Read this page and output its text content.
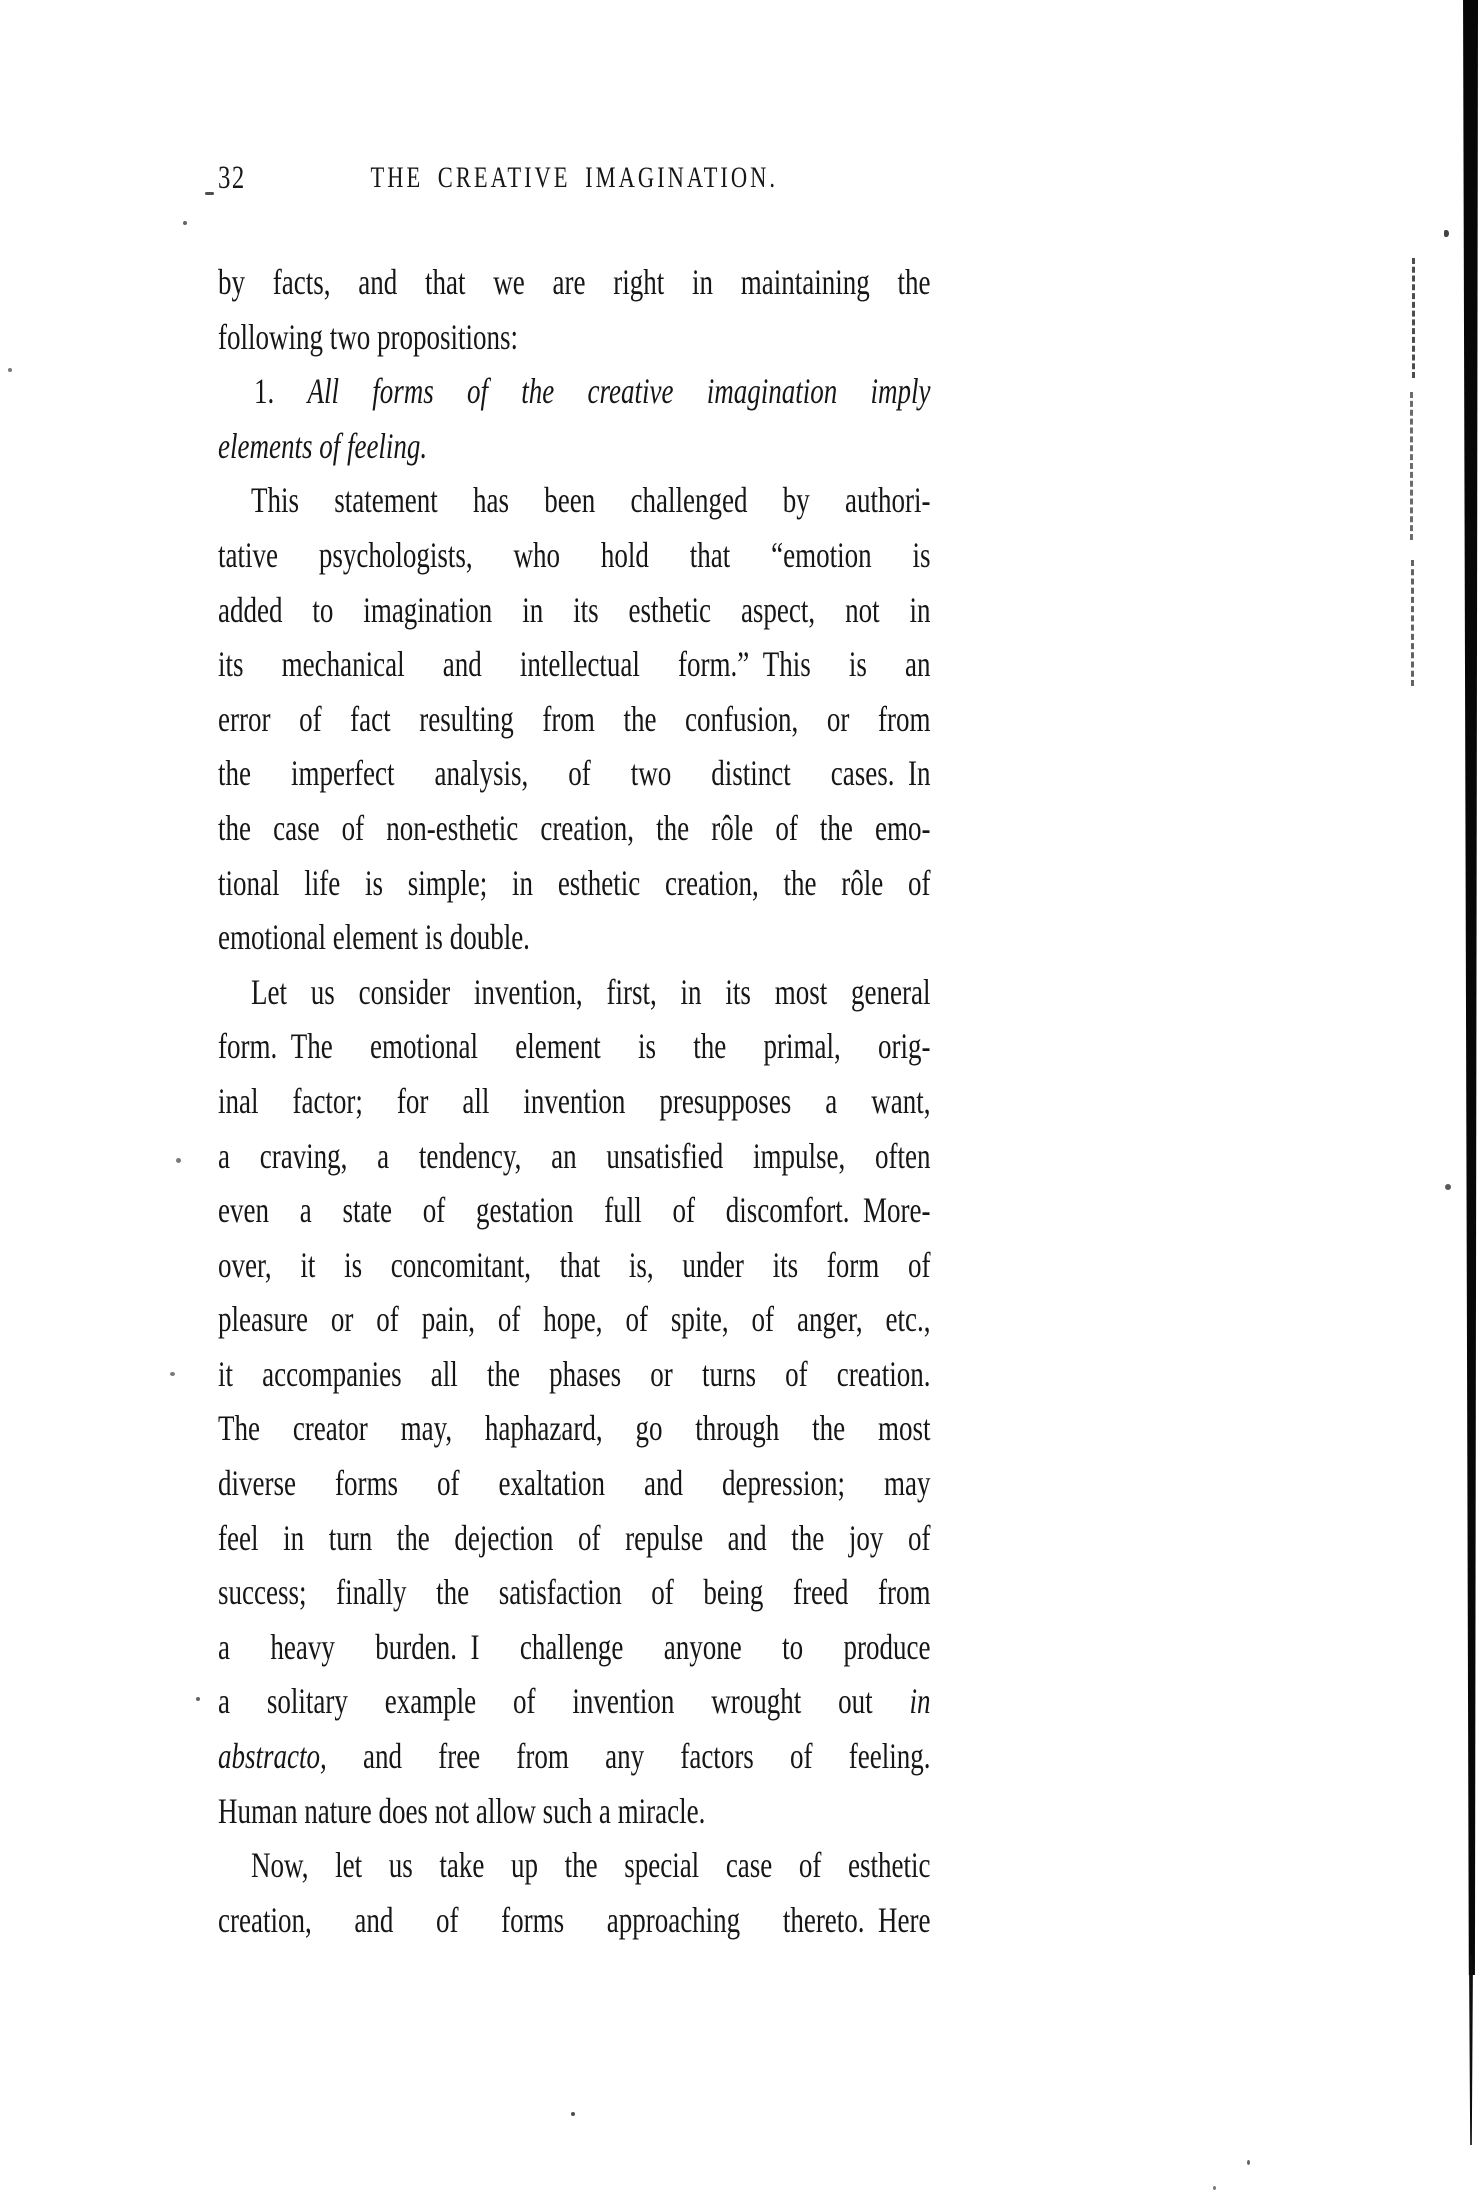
32	THE CREATIVE IMAGINATION.
by facts, and that we are right in maintaining the
following two propositions:
1. All forms of the creative imagination imply
elements of feeling.
This statement has been challenged by authori-
tative psychologists, who hold that “emotion is
added to imagination in its esthetic aspect, not in
its mechanical and intellectual form.” This is an
error of fact resulting from the confusion, or from
the imperfect analysis, of two distinct cases. In
the case of non-esthetic creation, the rôle of the emo-
tional life is simple; in esthetic creation, the rôle of
emotional element is double.
Let us consider invention, first, in its most general
form. The emotional element is the primal, orig-
inal factor; for all invention presupposes a want,
a craving, a tendency, an unsatisfied impulse, often
even a state of gestation full of discomfort. More-
over, it is concomitant, that is, under its form of
pleasure or of pain, of hope, of spite, of anger, etc.,
it accompanies all the phases or turns of creation.
The creator may, haphazard, go through the most
diverse forms of exaltation and depression; may
feel in turn the dejection of repulse and the joy of
success; finally the satisfaction of being freed from
a heavy burden. I challenge anyone to produce
a solitary example of invention wrought out in
abstracto, and free from any factors of feeling.
Human nature does not allow such a miracle.
Now, let us take up the special case of esthetic
creation, and of forms approaching thereto. Here
